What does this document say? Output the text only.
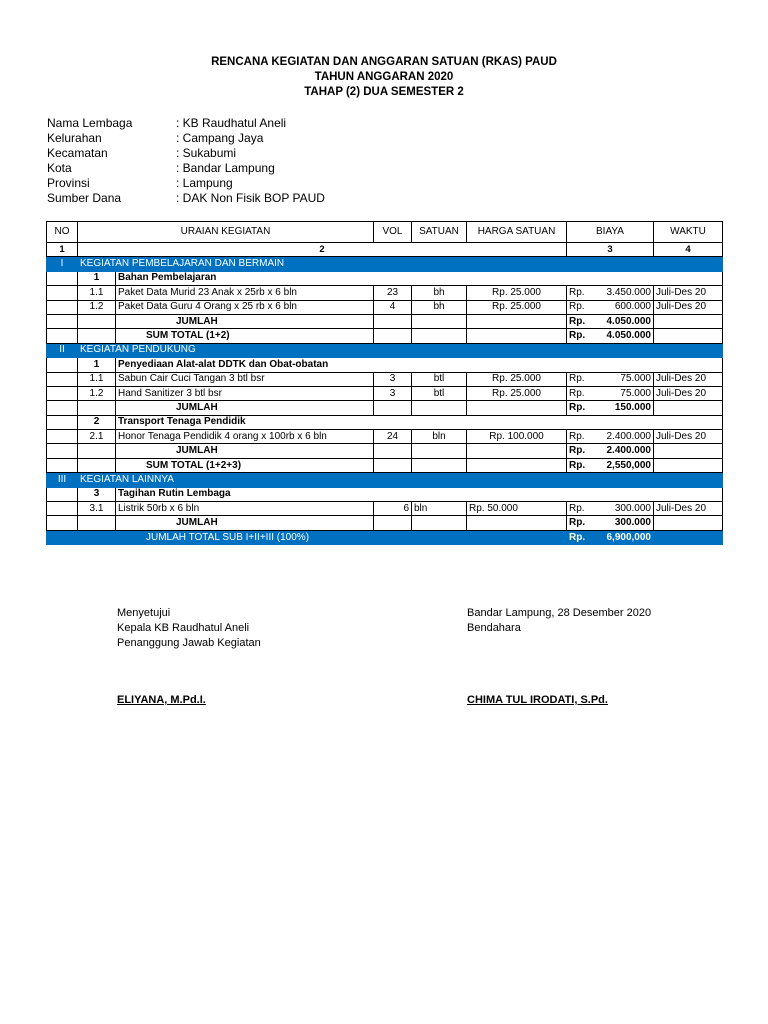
RENCANA KEGIATAN DAN ANGGARAN SATUAN (RKAS) PAUD
TAHUN ANGGARAN 2020
TAHAP (2) DUA SEMESTER 2
Nama Lembaga	: KB Raudhatul Aneli
Kelurahan	: Campang Jaya
Kecamatan	: Sukabumi
Kota	: Bandar Lampung
Provinsi	: Lampung
Sumber Dana	: DAK Non Fisik BOP PAUD
NO	URAIAN KEGIATAN		VOL	SATUAN	HARGA SATUAN	BIAYA	WAKTU
1	2					3	4
I	KEGIATAN PEMBELAJARAN DAN BERMAIN						
	1	Bahan Pembelajaran					
	1.1	Paket Data Murid 23 Anak x 25rb x 6 bln	23	bh	Rp. 25.000	Rp. 3.450.000	Juli-Des 20
	1.2	Paket Data Guru 4 Orang x 25 rb x 6 bln	4	bh	Rp. 25.000	Rp. 600.000	Juli-Des 20
		JUMLAH				Rp. 4.050.000	

		SUM TOTAL (1+2)				Rp. 4.050.000	

II	KEGIATAN PENDUKUNG						
	1	Penyediaan Alat-alat DDTK dan Obat-obatan					
	1.1	Sabun Cair Cuci Tangan 3 btl bsr	3	btl	Rp. 25.000	Rp. 75.000	Juli-Des 20
	1.2	Hand Sanitizer 3 btl bsr	3	btl	Rp. 25.000	Rp. 75.000	Juli-Des 20
		JUMLAH				Rp. 150.000	

	2	Transport Tenaga Pendidik					
	2.1	Honor Tenaga Pendidik 4 orang x 100rb x 6 bln	24	bln	Rp. 100.000	Rp. 2.400.000	Juli-Des 20
		JUMLAH				Rp. 2.400.000	

		SUM TOTAL (1+2+3)				Rp. 2,550,000	

III	KEGIATAN LAINNYA						
	3	Tagihan Rutin Lembaga					
	3.1	Listrik 50rb x 6 bln	6	bln	Rp. 50.000	Rp. 300.000	Juli-Des 20
		JUMLAH				Rp. 300.000	

		JUMLAH TOTAL SUB I+II+III (100%)				Rp. 6,900,000	

Menyetujui
Kepala KB Raudhatul Aneli
Penanggung Jawab Kegiatan
ELIYANA, M.Pd.I.
Bandar Lampung, 28 Desember 2020
Bendahara
CHIMA TUL IRODATI, S.Pd.
